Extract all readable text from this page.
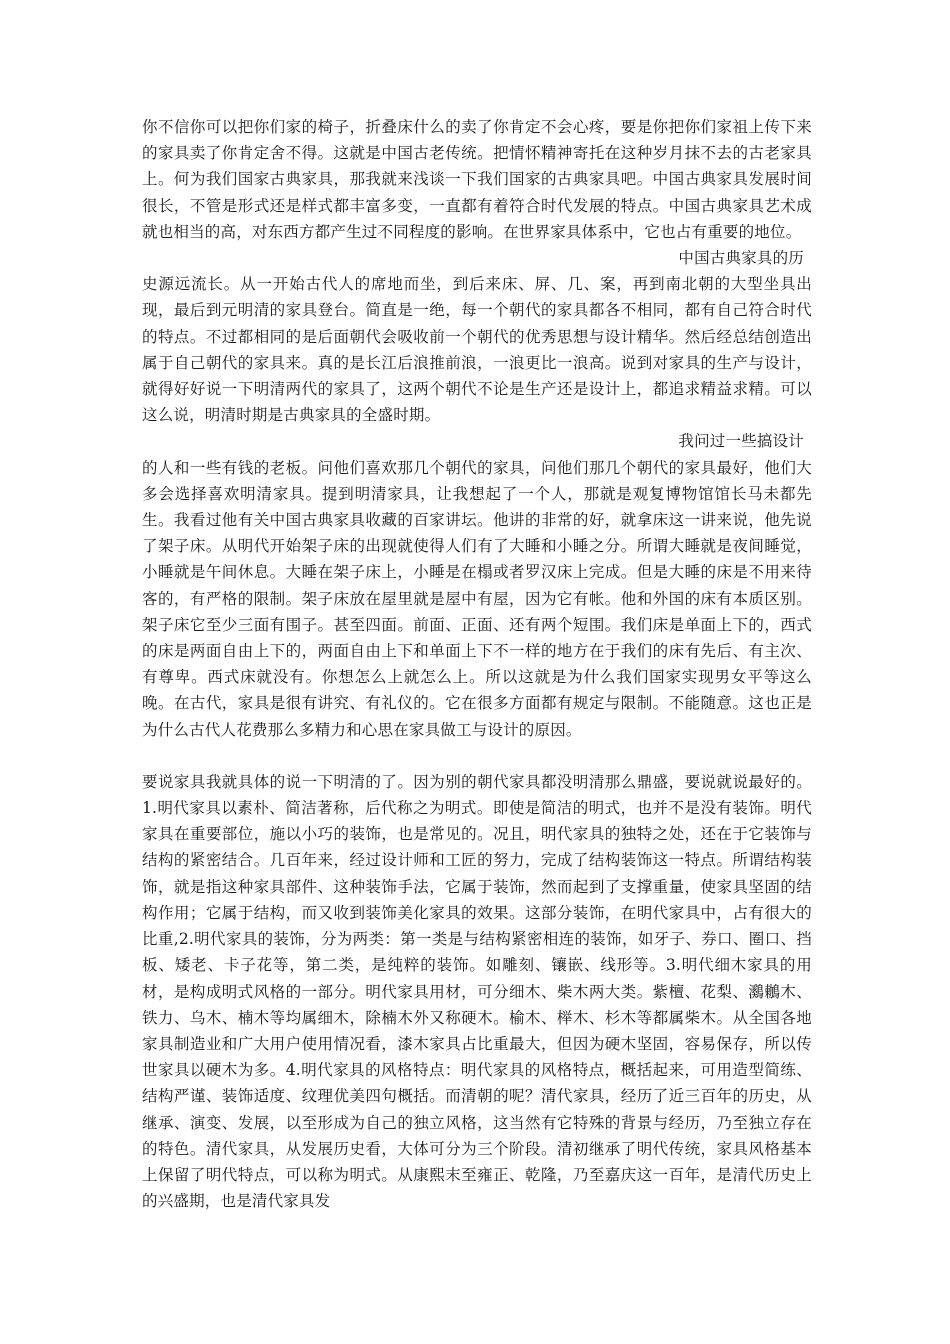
你不信你可以把你们家的椅子，折叠床什么的卖了你肯定不会心疼，要是你把你们家祖上传下来的家具卖了你肯定舍不得。这就是中国古老传统。把情怀精神寄托在这种岁月抹不去的古老家具上。何为我们国家古典家具，那我就来浅谈一下我们国家的古典家具吧。中国古典家具发展时间很长，不管是形式还是样式都丰富多变，一直都有着符合时代发展的特点。中国古典家具艺术成就也相当的高，对东西方都产生过不同程度的影响。在世界家具体系中，它也占有重要的地位。

中国古典家具的历
史源远流长。从一开始古代人的席地而坐，到后来床、屏、几、案，再到南北朝的大型坐具出现，最后到元明清的家具登台。简直是一绝，每一个朝代的家具都各不相同，都有自己符合时代的特点。不过都相同的是后面朝代会吸收前一个朝代的优秀思想与设计精华。然后经总结创造出属于自己朝代的家具来。真的是长江后浪推前浪，一浪更比一浪高。说到对家具的生产与设计，就得好好说一下明清两代的家具了，这两个朝代不论是生产还是设计上，都追求精益求精。可以这么说，明清时期是古典家具的全盛时期。

我问过一些搞设计
的人和一些有钱的老板。问他们喜欢那几个朝代的家具，问他们那几个朝代的家具最好，他们大多会选择喜欢明清家具。提到明清家具，让我想起了一个人，那就是观复博物馆馆长马未都先生。我看过他有关中国古典家具收藏的百家讲坛。他讲的非常的好，就拿床这一讲来说，他先说了架子床。从明代开始架子床的出现就使得人们有了大睡和小睡之分。所谓大睡就是夜间睡觉，小睡就是午间休息。大睡在架子床上，小睡是在榻或者罗汉床上完成。但是大睡的床是不用来待客的，有严格的限制。架子床放在屋里就是屋中有屋，因为它有帐。他和外国的床有本质区别。架子床它至少三面有围子。甚至四面。前面、正面、还有两个短围。我们床是单面上下的，西式的床是两面自由上下的，两面自由上下和单面上下不一样的地方在于我们的床有先后、有主次、有尊卑。西式床就没有。你想怎么上就怎么上。所以这就是为什么我们国家实现男女平等这么晚。在古代，家具是很有讲究、有礼仪的。它在很多方面都有规定与限制。不能随意。这也正是为什么古代人花费那么多精力和心思在家具做工与设计的原因。

要说家具我就具体的说一下明清的了。因为别的朝代家具都没明清那么鼎盛，要说就说最好的。1.明代家具以素朴、简洁著称，后代称之为明式。即使是简洁的明式，也并不是没有装饰。明代家具在重要部位，施以小巧的装饰，也是常见的。况且，明代家具的独特之处，还在于它装饰与结构的紧密结合。几百年来，经过设计师和工匠的努力，完成了结构装饰这一特点。所谓结构装饰，就是指这种家具部件、这种装饰手法，它属于装饰，然而起到了支撑重量，使家具坚固的结构作用；它属于结构，而又收到装饰美化家具的效果。这部分装饰，在明代家具中，占有很大的比重,2.明代家具的装饰，分为两类：第一类是与结构紧密相连的装饰，如牙子、券口、圈口、挡板、矮老、卡子花等，第二类，是纯粹的装饰。如雕刻、镶嵌、线形等。3.明代细木家具的用材，是构成明式风格的一部分。明代家具用材，可分细木、柴木两大类。紫檀、花梨、鸂鶒木、铁力、乌木、楠木等均属细木，除楠木外又称硬木。榆木、榉木、杉木等都属柴木。从全国各地家具制造业和广大用户使用情况看，漆木家具占比重最大，但因为硬木坚固，容易保存，所以传世家具以硬木为多。4.明代家具的风格特点：明代家具的风格特点，概括起来，可用造型简练、结构严谨、装饰适度、纹理优美四句概括。而清朝的呢？清代家具，经历了近三百年的历史，从继承、演变、发展，以至形成为自己的独立风格，这当然有它特殊的背景与经历，乃至独立存在的特色。清代家具，从发展历史看，大体可分为三个阶段。清初继承了明代传统，家具风格基本上保留了明代特点，可以称为明式。从康熙末至雍正、乾隆，乃至嘉庆这一百年，是清代历史上的兴盛期，也是清代家具发
